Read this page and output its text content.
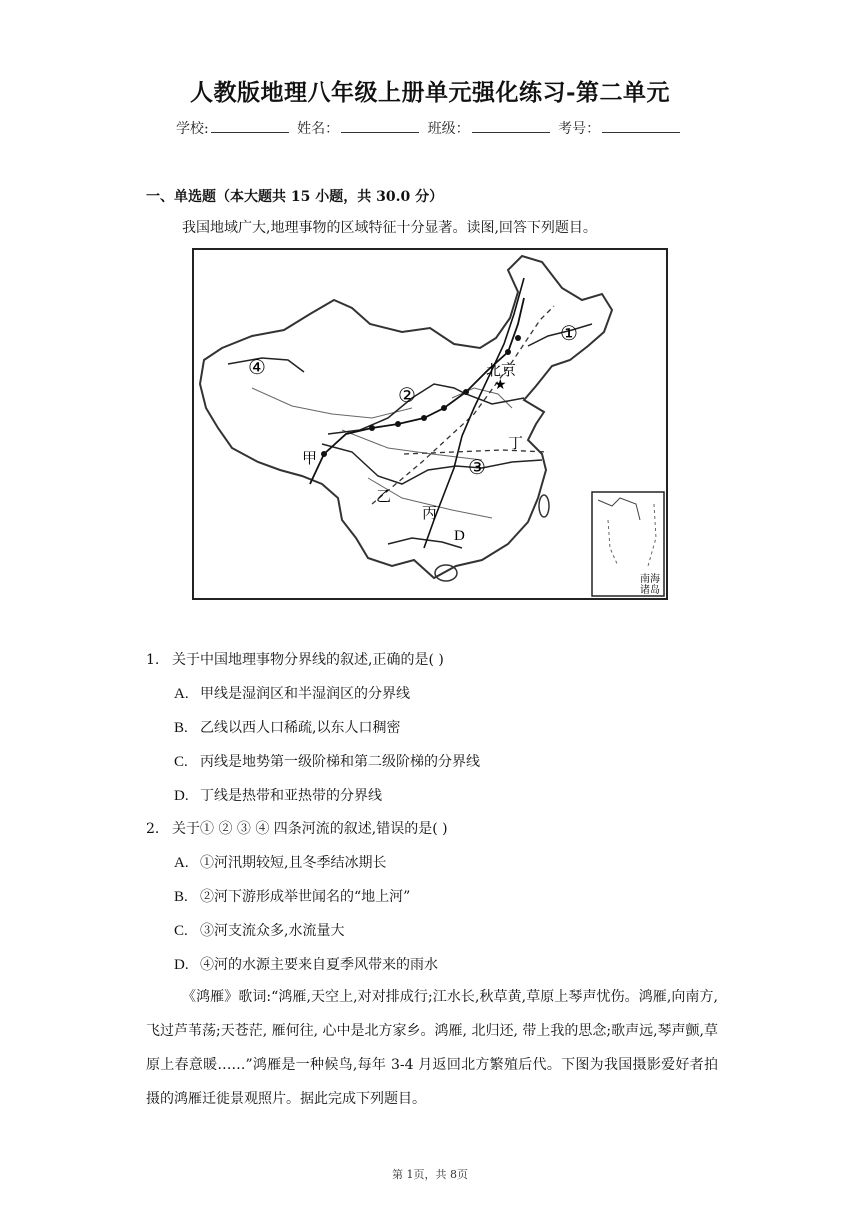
人教版地理八年级上册单元强化练习-第二单元
学校:	姓名：	班级：	考号：
一、单选题（本大题共 15 小题，共 30.0 分）
我国地域广大,地理事物的区域特征十分显著。读图,回答下列题目。
★
北京
甲
乙
丙
丁
D
①
②
③
④
南海
诸岛
1. 关于中国地理事物分界线的叙述,正确的是( )
A. 甲线是湿润区和半湿润区的分界线
B. 乙线以西人口稀疏,以东人口稠密
C. 丙线是地势第一级阶梯和第二级阶梯的分界线
D. 丁线是热带和亚热带的分界线
2. 关于① ② ③ ④ 四条河流的叙述,错误的是( )
A. ①河汛期较短,且冬季结冰期长
B. ②河下游形成举世闻名的“地上河”
C. ③河支流众多,水流量大
D. ④河的水源主要来自夏季风带来的雨水
《鸿雁》歌词:“鸿雁,天空上,对对排成行;江水长,秋草黄,草原上琴声忧伤。鸿雁,向南方,飞过芦苇荡;天苍茫, 雁何往, 心中是北方家乡。鸿雁, 北归还, 带上我的思念;歌声远,琴声颤,草原上春意暖‥‥‥”鸿雁是一种候鸟,每年 3-4 月返回北方繁殖后代。下图为我国摄影爱好者拍摄的鸿雁迁徙景观照片。据此完成下列题目。
第 1页，共 8页
